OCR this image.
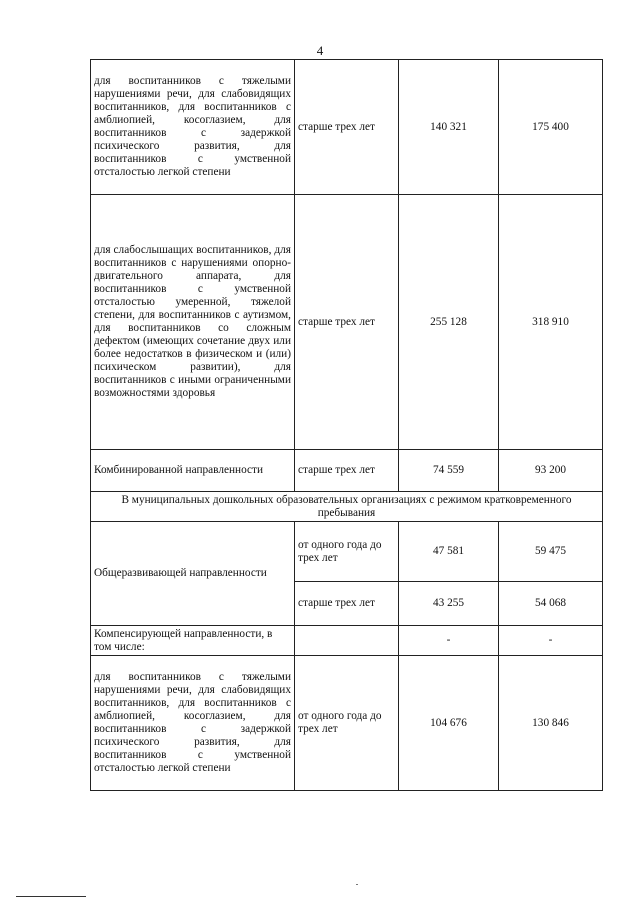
4
для воспитанников с тяжелыми нарушениями речи, для слабовидящих воспитанников, для воспитанников с амблиопией, косоглазием, для воспитанников с задержкой психического развития, для воспитанников с умственной отсталостью легкой степени	старше трех лет	140 321	175 400
для слабослышащих воспитанников, для воспитанников с нарушениями опорно-двигательного аппарата, для воспитанников с умственной отсталостью умеренной, тяжелой степени, для воспитанников с аутизмом, для воспитанников со сложным дефектом (имеющих сочетание двух или более недостатков в физическом и (или) психическом развитии), для воспитанников с иными ограниченными возможностями здоровья	старше трех лет	255 128	318 910
Комбинированной направленности	старше трех лет	74 559	93 200
В муниципальных дошкольных образовательных организациях с режимом кратковременного пребывания			
Общеразвивающей направленности	от одного года до трех лет	47 581	59 475
	старше трех лет	43 255	54 068
Компенсирующей направленности, в том числе:		-	-
для воспитанников с тяжелыми нарушениями речи, для слабовидящих воспитанников, для воспитанников с амблиопией, косоглазием, для воспитанников с задержкой психического развития, для воспитанников с умственной отсталостью легкой степени	от одного года до трех лет	104 676	130 846
